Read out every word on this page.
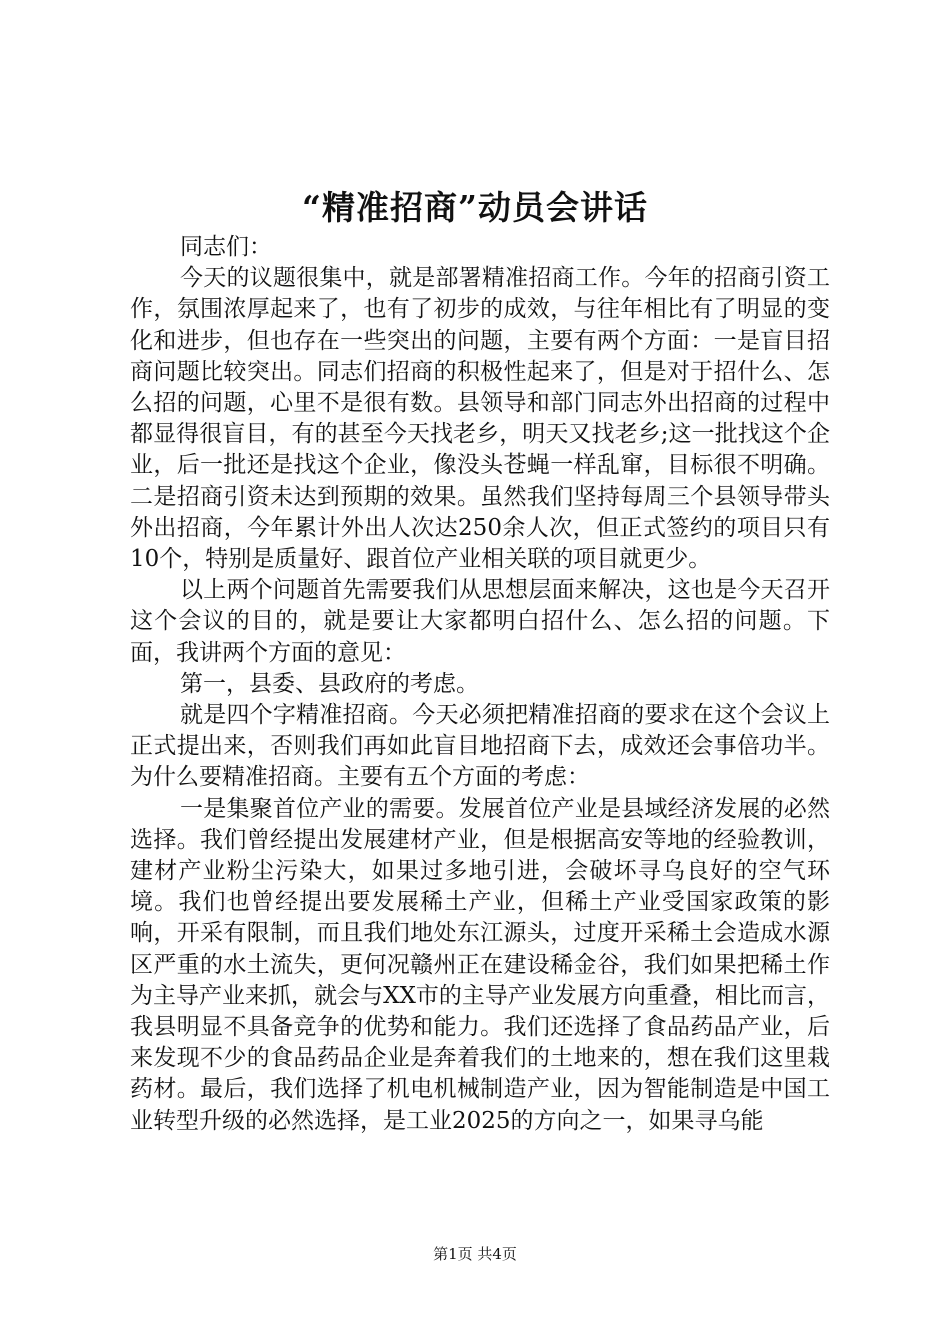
“精准招商”动员会讲话

同志们：

今天的议题很集中，就是部署精准招商工作。今年的招商引资工作，氛围浓厚起来了，也有了初步的成效，与往年相比有了明显的变化和进步，但也存在一些突出的问题，主要有两个方面：一是盲目招商问题比较突出。同志们招商的积极性起来了，但是对于招什么、怎么招的问题，心里不是很有数。县领导和部门同志外出招商的过程中都显得很盲目，有的甚至今天找老乡，明天又找老乡;这一批找这个企业，后一批还是找这个企业，像没头苍蝇一样乱窜，目标很不明确。二是招商引资未达到预期的效果。虽然我们坚持每周三个县领导带头外出招商，今年累计外出人次达250余人次，但正式签约的项目只有10个，特别是质量好、跟首位产业相关联的项目就更少。

以上两个问题首先需要我们从思想层面来解决，这也是今天召开这个会议的目的，就是要让大家都明白招什么、怎么招的问题。下面，我讲两个方面的意见：

第一，县委、县政府的考虑。

就是四个字精准招商。今天必须把精准招商的要求在这个会议上正式提出来，否则我们再如此盲目地招商下去，成效还会事倍功半。为什么要精准招商。主要有五个方面的考虑：

一是集聚首位产业的需要。发展首位产业是县域经济发展的必然选择。我们曾经提出发展建材产业，但是根据高安等地的经验教训，建材产业粉尘污染大，如果过多地引进，会破坏寻乌良好的空气环境。我们也曾经提出要发展稀土产业，但稀土产业受国家政策的影响，开采有限制，而且我们地处东江源头，过度开采稀土会造成水源区严重的水土流失，更何况赣州正在建设稀金谷，我们如果把稀土作为主导产业来抓，就会与XX市的主导产业发展方向重叠，相比而言，我县明显不具备竞争的优势和能力。我们还选择了食品药品产业，后来发现不少的食品药品企业是奔着我们的土地来的，想在我们这里栽药材。最后，我们选择了机电机械制造产业，因为智能制造是中国工业转型升级的必然选择，是工业2025的方向之一，如果寻乌能

第1页 共4页
